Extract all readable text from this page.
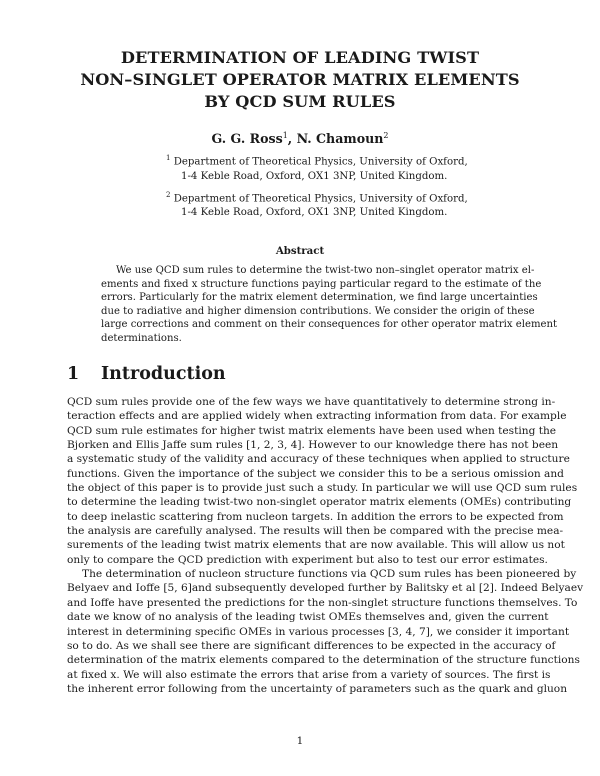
DETERMINATION OF LEADING TWIST
NON–SINGLET OPERATOR MATRIX ELEMENTS
BY QCD SUM RULES
G. G. Ross$^1$, N. Chamoun$^2$
$^1$ Department of Theoretical Physics, University of Oxford,
1-4 Keble Road, Oxford, OX1 3NP, United Kingdom.
$^2$ Department of Theoretical Physics, University of Oxford,
1-4 Keble Road, Oxford, OX1 3NP, United Kingdom.
Abstract
We use QCD sum rules to determine the twist-two non–singlet operator matrix el-
ements and fixed x structure functions paying particular regard to the estimate of the
errors. Particularly for the matrix element determination, we find large uncertainties
due to radiative and higher dimension contributions. We consider the origin of these
large corrections and comment on their consequences for other operator matrix element
determinations.
1 Introduction
QCD sum rules provide one of the few ways we have quantitatively to determine strong in-
teraction effects and are applied widely when extracting information from data. For example
QCD sum rule estimates for higher twist matrix elements have been used when testing the
Bjorken and Ellis Jaffe sum rules [1, 2, 3, 4]. However to our knowledge there has not been
a systematic study of the validity and accuracy of these techniques when applied to structure
functions. Given the importance of the subject we consider this to be a serious omission and
the object of this paper is to provide just such a study. In particular we will use QCD sum rules
to determine the leading twist-two non-singlet operator matrix elements (OMEs) contributing
to deep inelastic scattering from nucleon targets. In addition the errors to be expected from
the analysis are carefully analysed. The results will then be compared with the precise mea-
surements of the leading twist matrix elements that are now available. This will allow us not
only to compare the QCD prediction with experiment but also to test our error estimates.
The determination of nucleon structure functions via QCD sum rules has been pioneered by
Belyaev and Ioffe [5, 6]and subsequently developed further by Balitsky et al [2]. Indeed Belyaev
and Ioffe have presented the predictions for the non-singlet structure functions themselves. To
date we know of no analysis of the leading twist OMEs themselves and, given the current
interest in determining specific OMEs in various processes [3, 4, 7], we consider it important
so to do. As we shall see there are significant differences to be expected in the accuracy of
determination of the matrix elements compared to the determination of the structure functions
at fixed x. We will also estimate the errors that arise from a variety of sources. The first is
the inherent error following from the uncertainty of parameters such as the quark and gluon
1
